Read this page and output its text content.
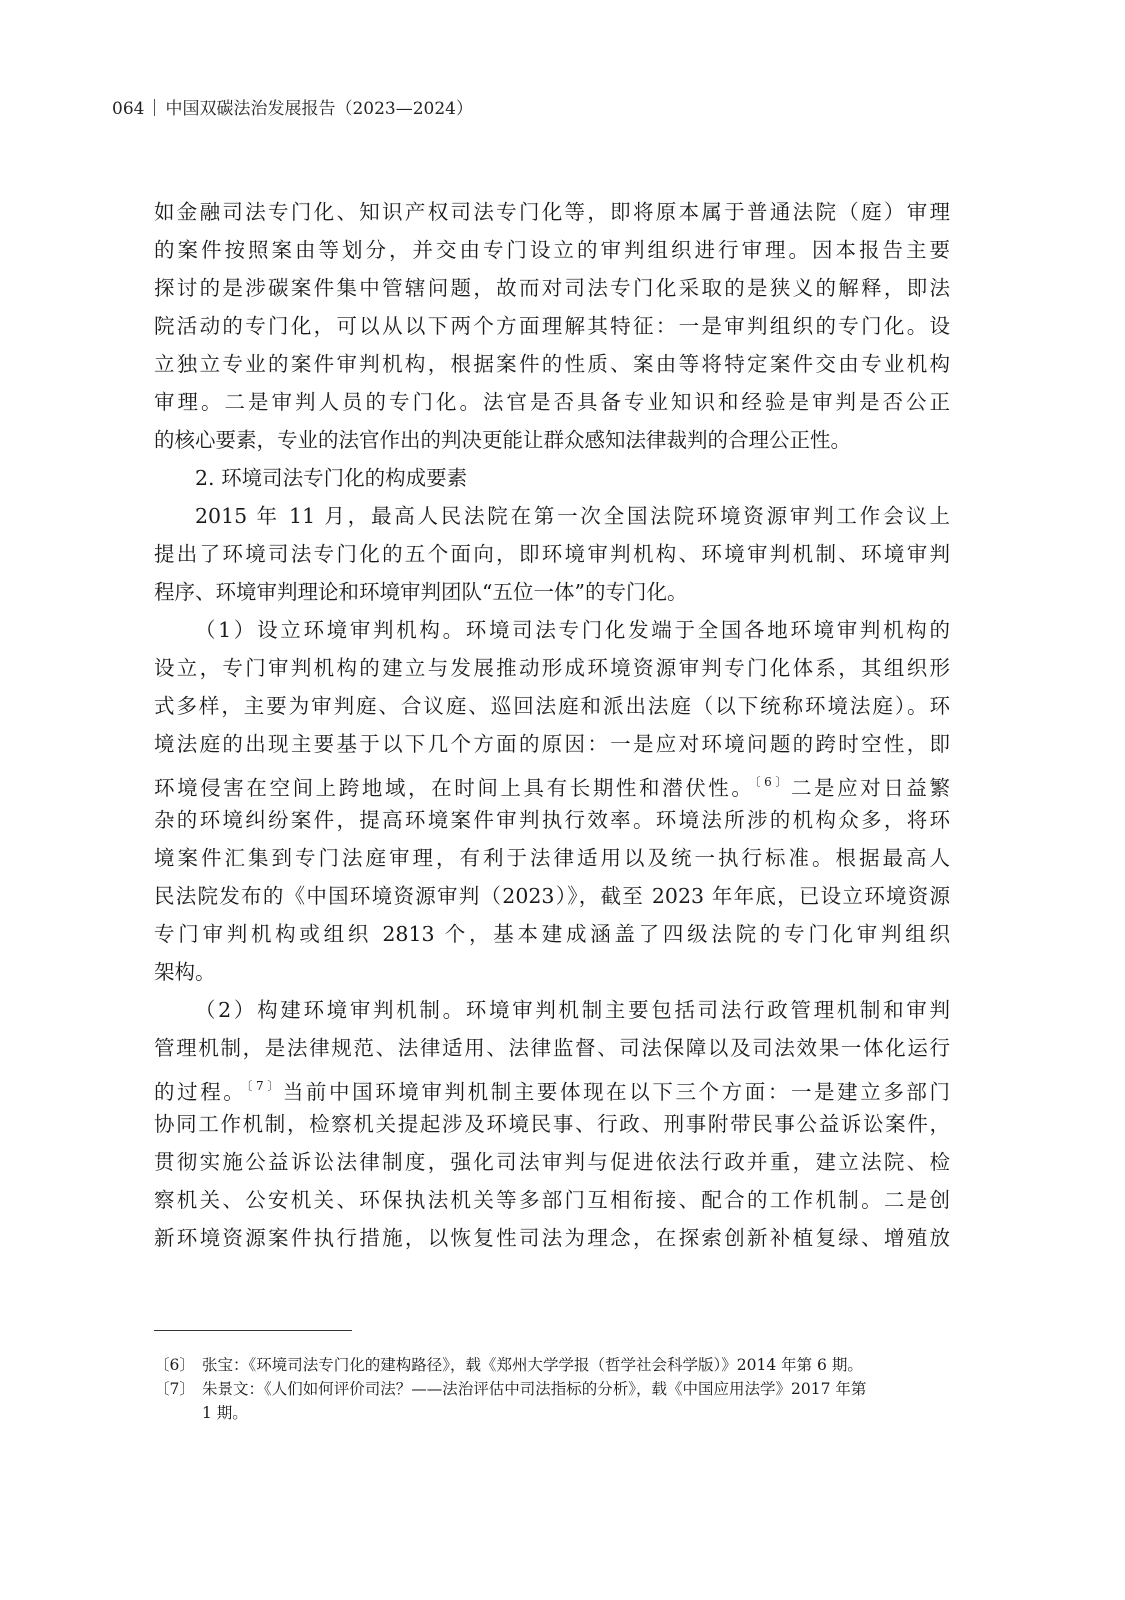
064 中国双碳法治发展报告（2023—2024）
如金融司法专门化、知识产权司法专门化等，即将原本属于普通法院（庭）审理
的案件按照案由等划分，并交由专门设立的审判组织进行审理。因本报告主要
探讨的是涉碳案件集中管辖问题，故而对司法专门化采取的是狭义的解释，即法
院活动的专门化，可以从以下两个方面理解其特征：一是审判组织的专门化。设
立独立专业的案件审判机构，根据案件的性质、案由等将特定案件交由专业机构
审理。二是审判人员的专门化。法官是否具备专业知识和经验是审判是否公正
的核心要素，专业的法官作出的判决更能让群众感知法律裁判的合理公正性。
2. 环境司法专门化的构成要素
2015 年 11 月，最高人民法院在第一次全国法院环境资源审判工作会议上
提出了环境司法专门化的五个面向，即环境审判机构、环境审判机制、环境审判
程序、环境审判理论和环境审判团队“五位一体”的专门化。
（1）设立环境审判机构。环境司法专门化发端于全国各地环境审判机构的
设立，专门审判机构的建立与发展推动形成环境资源审判专门化体系，其组织形
式多样，主要为审判庭、合议庭、巡回法庭和派出法庭（以下统称环境法庭）。环
境法庭的出现主要基于以下几个方面的原因：一是应对环境问题的跨时空性，即
环境侵害在空间上跨地域，在时间上具有长期性和潜伏性。$^{〔6〕}$二是应对日益繁
杂的环境纠纷案件，提高环境案件审判执行效率。环境法所涉的机构众多，将环
境案件汇集到专门法庭审理，有利于法律适用以及统一执行标准。根据最高人
民法院发布的《中国环境资源审判（2023）》，截至 2023 年年底，已设立环境资源
专门审判机构或组织 2813 个，基本建成涵盖了四级法院的专门化审判组织
架构。
（2）构建环境审判机制。环境审判机制主要包括司法行政管理机制和审判
管理机制，是法律规范、法律适用、法律监督、司法保障以及司法效果一体化运行
的过程。$^{〔7〕}$当前中国环境审判机制主要体现在以下三个方面：一是建立多部门
协同工作机制，检察机关提起涉及环境民事、行政、刑事附带民事公益诉讼案件，
贯彻实施公益诉讼法律制度，强化司法审判与促进依法行政并重，建立法院、检
察机关、公安机关、环保执法机关等多部门互相衔接、配合的工作机制。二是创
新环境资源案件执行措施，以恢复性司法为理念，在探索创新补植复绿、增殖放
〔6〕 张宝：《环境司法专门化的建构路径》，载《郑州大学学报（哲学社会科学版）》2014 年第 6 期。
〔7〕 朱景文：《人们如何评价司法？——法治评估中司法指标的分析》，载《中国应用法学》2017 年第
1 期。
